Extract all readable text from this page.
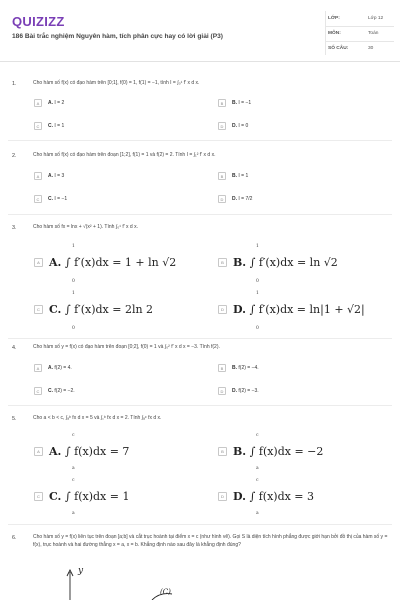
QUIZIZZ
186 Bài trắc nghiệm Nguyên hàm, tích phân cực hay có lời giải (P3)
LỚP:	Lớp 12
MÔN:	Toán
SỐ CÂU:	30
1.	Cho hàm số f(x) có đạo hàm trên [0;1], f(0) = 1, f(1) = −1, tính I = ∫₀¹ f′ x d x.
A	A. I = 2	B	B. I = −1
C	C. I = 1	D	D. I = 0
2.	Cho hàm số f(x) có đạo hàm trên đoạn [1;2], f(1) = 1 và f(2) = 2. Tính I = ∫₁² f′ x d x.
A	A. I = 3	B	B. I = 1
C	C. I = −1	D	D. I = 7/2
3.	Cho hàm số fx = lnx + √(x² + 1). Tính ∫₀¹ f′ x d x.
A A. ∫ f′(x)dx = 1 + ln √2
1
0
B B. ∫ f′(x)dx = ln √2
1
0
C C. ∫ f′(x)dx = 2ln 2
1
0
D D. ∫ f′(x)dx = ln|1 + √2|
1
0
4.	Cho hàm số y = f(x) có đạo hàm trên đoạn [0;2], f(0) = 1 và ∫₀² f′ x d x = −3. Tính f(2).
A	A. f(2) = 4.	B	B. f(2) = −4.
C	C. f(2) = −2.	D	D. f(2) = −3.
5.	Cho a < b < c, ∫ₐᵇ fx d x = 5 và ∫꜀ᵇ fx d x = 2. Tính ∫ₐᶜ fx d x.
A A. ∫ f(x)dx = 7
c
a
B B. ∫ f(x)dx = −2
c
a
C C. ∫ f(x)dx = 1
c
a
D D. ∫ f(x)dx = 3
c
a
6.	Cho hàm số y = f(x) liên tục trên đoạn [a;b] và cắt trục hoành tại điểm x = c (như hình vẽ). Gọi S là diện tích hình phẳng được giới hạn bởi đồ thị của hàm số y = f(x), trục hoành và hai đường thẳng x = a, x = b. Khẳng định nào sau đây là khẳng định đúng?
y
(C)
